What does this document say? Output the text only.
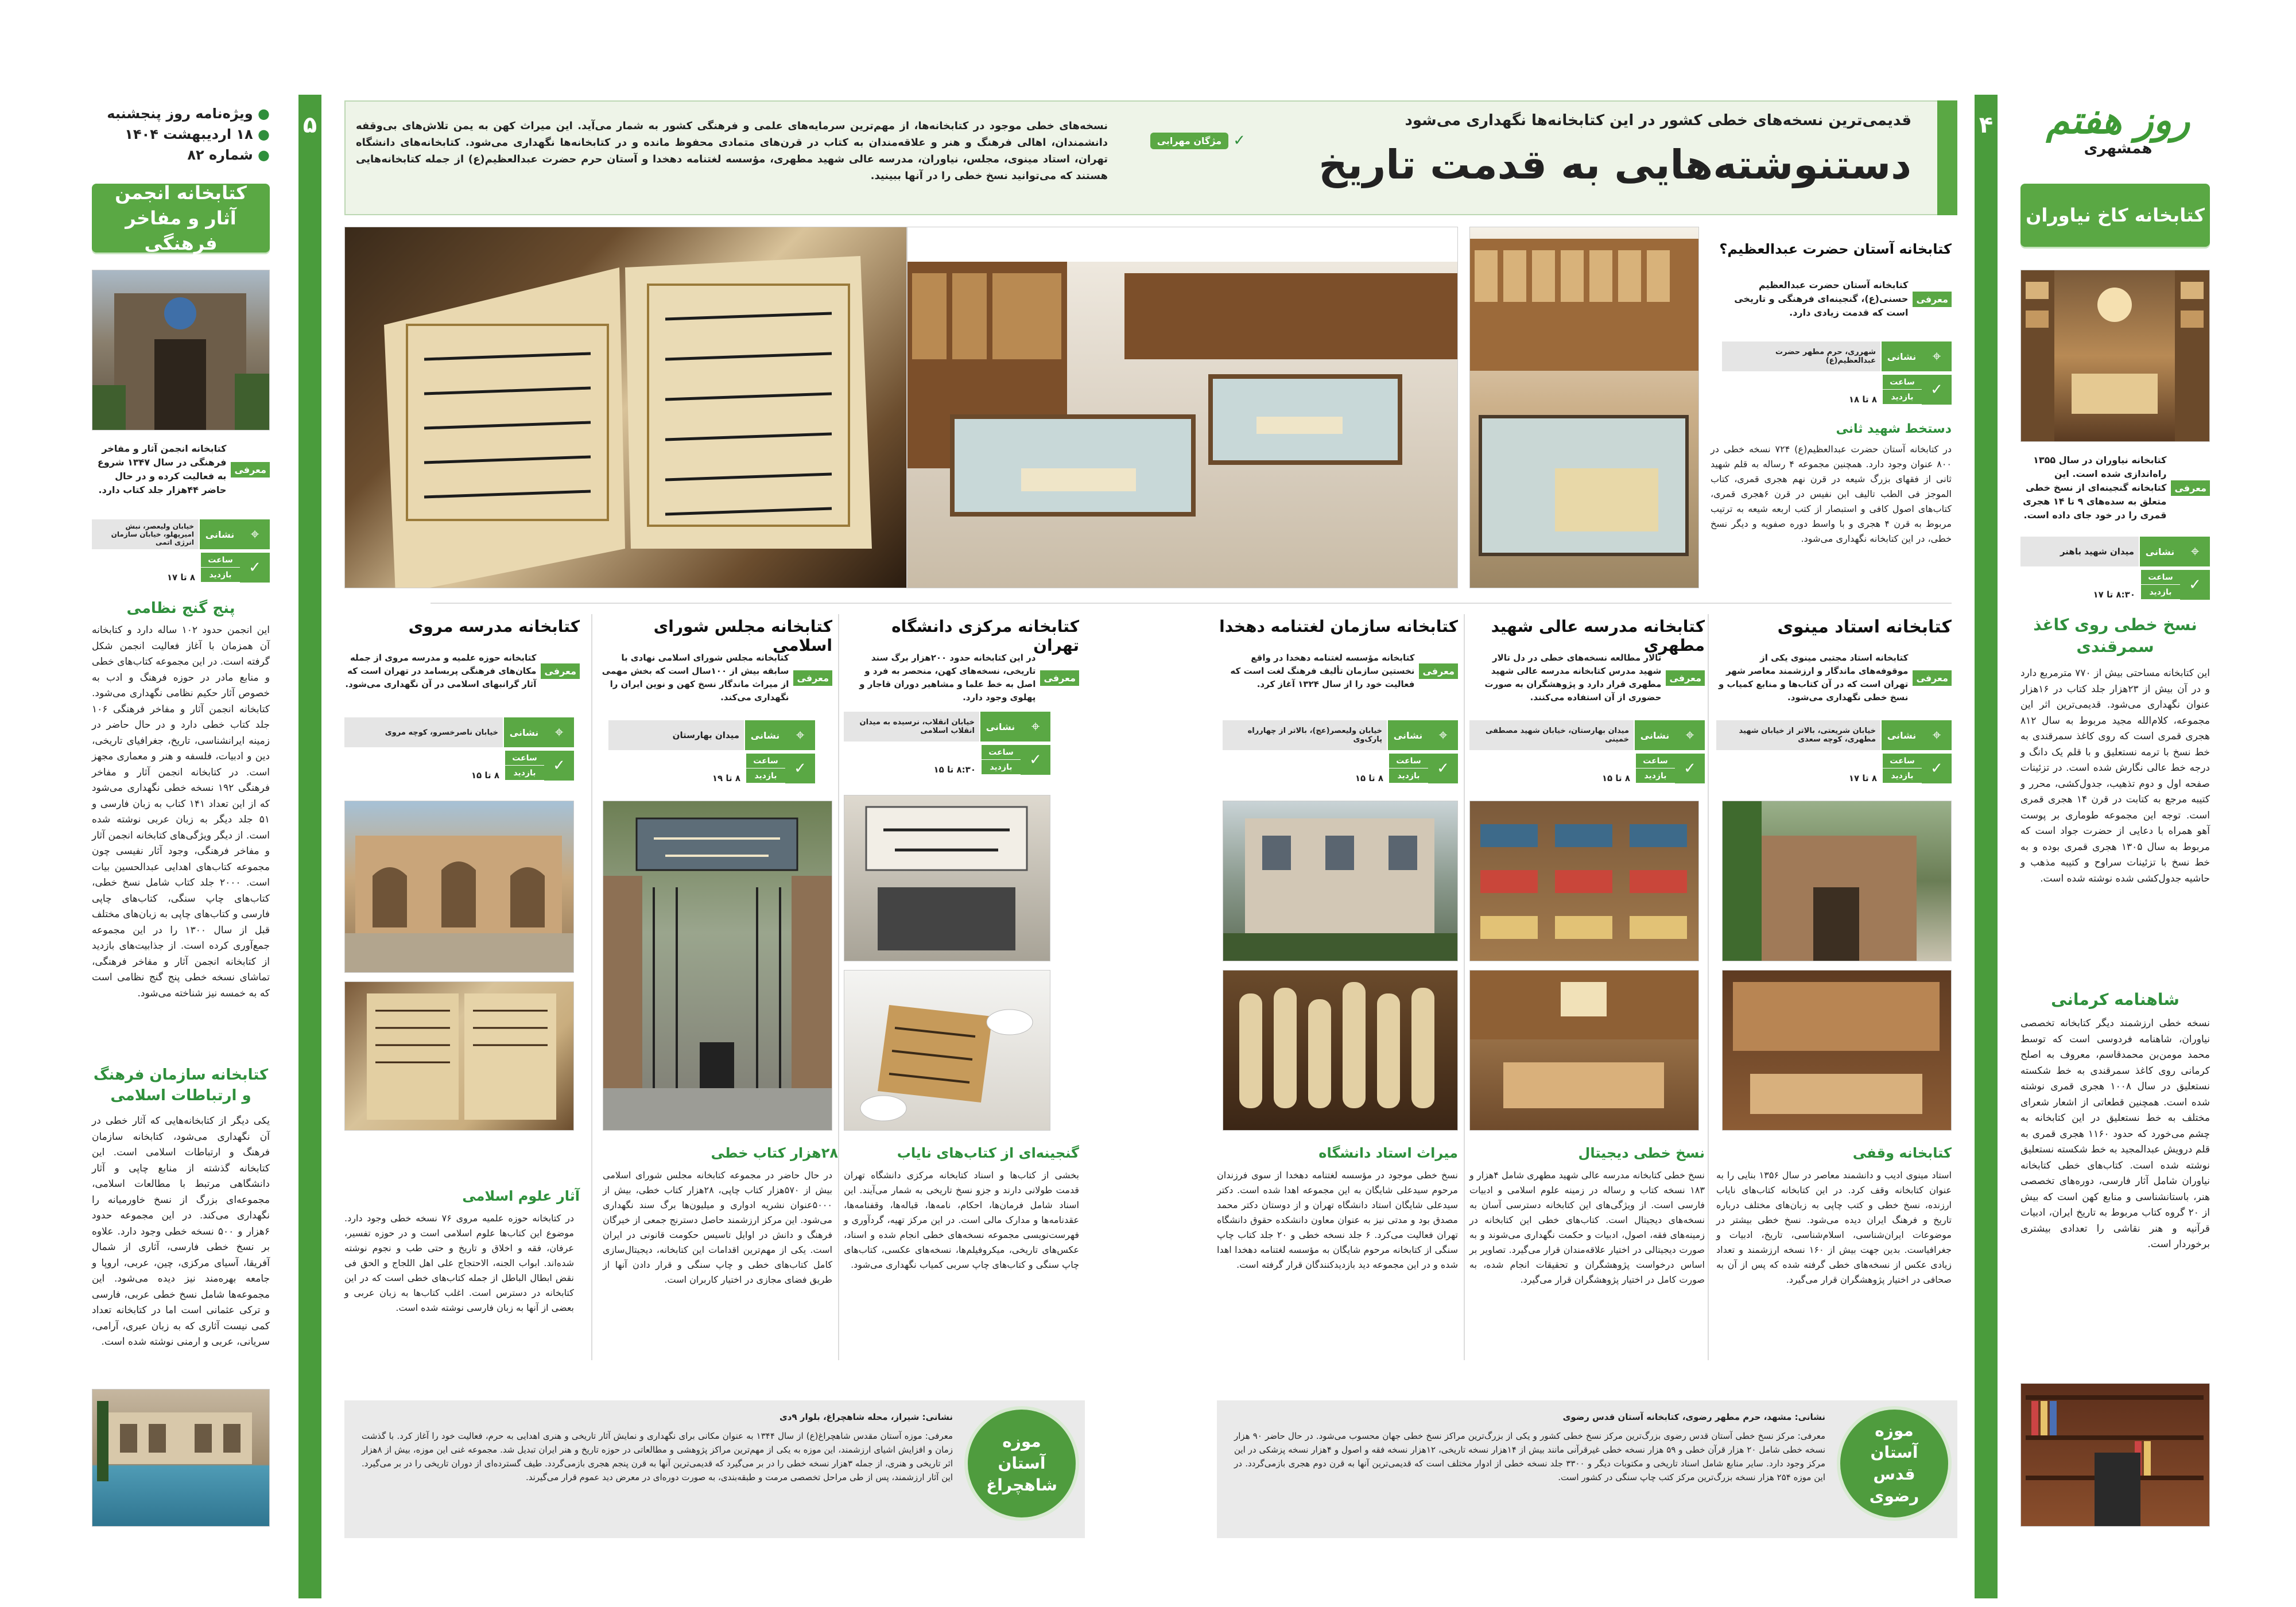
۵	۴
● ویژه‌نامه روز پنجشنبه
● ۱۸ اردیبهشت ۱۴۰۴
● شماره ۸۲
کتابخانه انجمن آثار و مفاخر فرهنگی
معرفی
کتابخانه انجمن آثار و مفاخر فرهنگی در سال ۱۳۴۷ شروع به فعالیت کرده و در حال حاضر ۴۴هزار جلد کتاب دارد.
⌖
نشانی
خیابان ولیعصر، نبش امیرپهلو، خیابان سازمان انرژی اتمی
✓
ساعت
بازدید
۸ تا ۱۷
پنج گنج نظامی
این انجمن حدود ۱۰۲ ساله دارد و کتابخانه آن همزمان با آغاز فعالیت انجمن شکل گرفته است. در این مجموعه کتاب‌های خطی و منابع مادر در حوزه فرهنگ و ادب به خصوص آثار حکیم نظامی نگهداری می‌شود. کتابخانه انجمن آثار و مفاخر فرهنگی ۱۰۶ جلد کتاب خطی دارد و در حال حاضر در زمینه ایرانشناسی، تاریخ، جغرافیای تاریخی، دین و ادبیات، فلسفه و هنر و معماری مجهز است. در کتابخانه انجمن آثار و مفاخر فرهنگی ۱۹۲ نسخه خطی نگهداری می‌شود که از این تعداد ۱۴۱ کتاب به زبان فارسی و ۵۱ جلد دیگر به زبان عربی نوشته شده است. از دیگر ویژگی‌های کتابخانه انجمن آثار و مفاخر فرهنگی، وجود آثار نفیسی چون مجموعه کتاب‌های اهدایی عبدالحسین بیات است. ۲۰۰۰ جلد کتاب شامل نسخ خطی، کتاب‌های چاپ سنگی، کتاب‌های چاپی فارسی و کتاب‌های چاپی به زبان‌های مختلف قبل از سال ۱۳۰۰ را در این مجموعه جمع‌آوری کرده است. از جذابیت‌های بازدید از کتابخانه انجمن آثار و مفاخر فرهنگی، تماشای نسخه خطی پنج گنج نظامی است که به خمسه نیز شناخته می‌شود.
کتابخانه سازمان فرهنگ و ارتباطات اسلامی
یکی دیگر از کتابخانه‌هایی که آثار خطی در آن نگهداری می‌شود، کتابخانه سازمان فرهنگ و ارتباطات اسلامی است. این کتابخانه گذشته از منابع چاپی و آثار دانشگاهی مرتبط با مطالعات اسلامی، مجموعه‌ای بزرگ از نسخ خاورمیانه را نگهداری می‌کند. در این مجموعه حدود ۶هزار و ۵۰۰ نسخه خطی وجود دارد. علاوه بر نسخ خطی فارسی، آثاری از شمال آفریقا، آسیای مرکزی، چین، عربی، اروپا و جامعه بهره‌مند نیز دیده می‌شود. این مجموعه‌ها شامل نسخ خطی عربی، فارسی و ترکی عثمانی است اما در کتابخانه تعداد کمی نیست آثاری که به زبان عبری، آرامی، سریانی، عربی و ارمنی نوشته شده است.
قدیمی‌ترین نسخه‌های خطی کشور در این کتابخانه‌ها نگهداری می‌شود
دستنوشته‌هایی به قدمت تاریخ
✓
مژگان مهرابی
نسخه‌های خطی موجود در کتابخانه‌ها، از مهم‌ترین سرمایه‌های علمی و فرهنگی کشور به شمار می‌آید. این میراث کهن به یمن تلاش‌های بی‌وقفه دانشمندان، اهالی فرهنگ و هنر و علاقه‌مندان به کتاب در قرن‌های متمادی محفوظ مانده و در کتابخانه‌ها نگهداری می‌شود. کتابخانه‌های دانشگاه تهران، استاد مینوی، مجلس، نیاوران، مدرسه عالی شهید مطهری، مؤسسه لغتنامه دهخدا و آستان حرم حضرت عبدالعظیم(ع) از جمله کتابخانه‌هایی هستند که می‌توانید نسخ خطی را در آنها ببینید.
روز هفتم
همشهری
کتابخانه کاخ نیاوران
معرفی
کتابخانه نیاوران در سال ۱۳۵۵ راه‌اندازی شده است. این کتابخانه گنجینه‌ای از نسخ خطی متعلق به سده‌های ۹ تا ۱۴ هجری قمری را در خود جای داده است.
⌖
نشانی
میدان شهید باهنر
✓
ساعت
بازدید
۸:۳۰ تا ۱۷
نسخ خطی روی کاغذ سمرقندی
این کتابخانه مساحتی بیش از ۷۷۰ مترمربع دارد و در آن بیش از ۲۳هزار جلد کتاب در ۱۶هزار عنوان نگهداری می‌شود. قدیمی‌ترین اثر این مجموعه، کلام‌الله مجید مربوط به سال ۸۱۲ هجری قمری است که روی کاغذ سمرقندی به خط نسخ با ترمه نستعلیق و با قلم یک دانگ و درجه خط عالی نگارش شده است. در تزئینات صفحه اول و دوم تذهیب، جدول‌کشی، محرر و کتیبه مرجع به کتابت در قرن ۱۴ هجری قمری است. توجه این مجموعه طوماری بر پوست آهو همراه با دعایی از حضرت جواد است که مربوط به سال ۱۳۰۵ هجری قمری بوده و به خط نسخ با تزئینات سراوح و کتیبه مذهب و حاشیه جدول‌کشی شده نوشته شده است.
شاهنامه کرمانی
نسخه خطی ارزشمند دیگر کتابخانه تخصصی نیاوران، شاهنامه فردوسی است که توسط محمد مومن‌بن محمدقاسم، معروف به اصلح کرمانی روی کاغذ سمرقندی به خط شکسته نستعلیق در سال ۱۰۰۸ هجری قمری نوشته شده است. همچنین قطعاتی از اشعار شعرای مختلف به خط نستعلیق در این کتابخانه به چشم می‌خورد که حدود ۱۱۶۰ هجری قمری به قلم درویش عبدالمجید به خط شکسته نستعلیق نوشته شده است. کتاب‌های خطی کتابخانه نیاوران شامل آثار فارسی، دوره‌های تخصصی هنر، باستانشناسی و منابع کهن است که بیش از ۲۰ گروه کتاب مربوط به تاریخ ایران، ادبیات قرآنیه و هنر نقاشی را تعدادی بیشتری برخوردار است.
کتابخانه آستان حضرت عبدالعظیم؟
معرفی
کتابخانه آستان حضرت عبدالعظیم حسنی(ع)، گنجینه‌ای فرهنگی و تاریخی است که قدمت زیادی دارد.
⌖
نشانی
شهرری، حرم مطهر حضرت عبدالعظیم(ع)
✓
ساعت
بازدید
۸ تا ۱۸
دستخط شهید ثانی
در کتابخانه آستان حضرت عبدالعظیم(ع) ۷۲۴ نسخه خطی در ۸۰۰ عنوان وجود دارد. همچنین مجموعه ۴ رساله به قلم شهید ثانی از فقهای بزرگ شیعه در قرن نهم هجری قمری، کتاب الموجز فی الطب تالیف ابن نفیس در قرن ۶هجری قمری، کتاب‌های اصول کافی و استبصار از کتب اربعه شیعه به ترتیب مربوط به قرن ۴ هجری و با واسط دوره صفویه و دیگر نسخ خطی، در این کتابخانه نگهداری می‌شود.
کتابخانه استاد مینوی
معرفی
کتابخانه استاد مجتبی مینوی یکی از موقوفه‌های ماندگار و ارزشمند معاصر شهر تهران است که در آن کتاب‌ها و منابع کمیاب و نسخ خطی نگهداری می‌شود.
⌖
نشانی
خیابان شریعتی، بالاتر از خیابان شهید مطهری، کوچه سعدی
✓
ساعت
بازدید
۸ تا ۱۷
کتابخانه وقفی
استاد مینوی ادیب و دانشمند معاصر در سال ۱۳۵۶ بنایی را به عنوان کتابخانه وقف کرد. در این کتابخانه کتاب‌های نایاب ارزنده، نسخ خطی و کتب چاپی به زبان‌های مختلف درباره تاریخ و فرهنگ ایران دیده می‌شود. نسخ خطی بیشتر در موضوعات ایران‌شناسی، اسلام‌شناسی، تاریخ، ادبیات و جغرافیاست. بدین جهت بیش از ۱۶۰ نسخه ارزشمند و تعداد زیادی عکس از نسخه‌های خطی گرفته شده که پس از آن به صحافی در اختیار پژوهشگران قرار می‌گیرد.
کتابخانه مدرسه عالی شهید مطهری
معرفی
تالار مطالعه نسخه‌های خطی در دل تالار شهید مدرس کتابخانه مدرسه عالی شهید مطهری قرار دارد و پژوهشگران به صورت حضوری از آن استفاده می‌کنند.
⌖
نشانی
میدان بهارستان، خیابان شهید مصطفی خمینی
✓
ساعت
بازدید
۸ تا ۱۵
نسخ خطی دیجیتال
نسخ خطی کتابخانه مدرسه عالی شهید مطهری شامل ۴هزار و ۱۸۳ نسخه کتاب و رساله در زمینه علوم اسلامی و ادبیات فارسی است. از ویژگی‌های این کتابخانه دسترسی آسان به نسخه‌های دیجیتال است. کتاب‌های خطی این کتابخانه در زمینه‌های فقه، اصول، ادبیات و حکمت نگهداری می‌شوند و به صورت دیجیتالی در اختیار علاقه‌مندان قرار می‌گیرد. تصاویر بر اساس درخواست پژوهشگران و تحقیقات انجام شده، به صورت کامل در اختیار پژوهشگران قرار می‌گیرد.
کتابخانه سازمان لغتنامه دهخدا
معرفی
کتابخانه مؤسسه لغتنامه دهخدا در واقع نخستین سازمان تألیف فرهنگ لغت است که فعالیت خود را از سال ۱۳۲۴ آغاز کرد.
⌖
نشانی
خیابان ولیعصر(عج)، بالاتر از چهارراه پارک‌وی
✓
ساعت
بازدید
۸ تا ۱۵
میراث استاد دانشگاه
نسخ خطی موجود در مؤسسه لغتنامه دهخدا از سوی فرزندان مرحوم سیدعلی شایگان به این مجموعه اهدا شده است. دکتر سیدعلی شایگان استاد دانشگاه تهران و از دوستان دکتر محمد مصدق بود و مدتی نیز به عنوان معاون دانشکده حقوق دانشگاه تهران فعالیت می‌کرد. ۶ جلد نسخه خطی و ۲۰ جلد کتاب چاپ سنگی از کتابخانه مرحوم شایگان به مؤسسه لغتنامه دهخدا اهدا شده و در این مجموعه دید بازدیدکنندگان قرار گرفته است.
کتابخانه مرکزی دانشگاه تهران
معرفی
در این کتابخانه حدود ۲۰۰هزار برگ سند تاریخی، نسخه‌های کهن، منحصر به فرد و اصل به خط علما و مشاهیر دوران قاجار و پهلوی وجود دارد.
⌖
نشانی
خیابان انقلاب، نرسیده به میدان انقلاب اسلامی
✓
ساعت
بازدید
۸:۳۰ تا ۱۵
گنجینه‌ای از کتاب‌های نایاب
بخشی از کتاب‌ها و اسناد کتابخانه مرکزی دانشگاه تهران قدمت طولانی دارند و جزو نسخ تاریخی به شمار می‌آیند. این اسناد شامل فرمان‌ها، احکام، نامه‌ها، قباله‌ها، وقفنامه‌ها، عقدنامه‌ها و مدارک مالی است. در این مرکز تهیه، گردآوری و فهرست‌نویسی مجموعه نسخه‌های خطی انجام شده و اسناد، عکس‌های تاریخی، میکروفیلم‌ها، نسخه‌های عکسی، کتاب‌های چاپ سنگی و کتاب‌های چاپ سربی کمیاب نگهداری می‌شود.
کتابخانه مجلس شورای اسلامی
معرفی
کتابخانه مجلس شورای اسلامی نهادی با سابقه بیش از ۱۰۰سال است که بخش مهمی از میراث ماندگار نسخ کهن و نوین ایران را نگهداری می‌کند.
⌖
نشانی
میدان بهارستان
✓
ساعت
بازدید
۸ تا ۱۹
۲۸هزار کتاب خطی
در حال حاضر در مجموعه کتابخانه مجلس شورای اسلامی بیش از ۵۷۰هزار کتاب چاپی، ۲۸هزار کتاب خطی، بیش از ۵۰۰۰عنوان نشریه ادواری و میلیون‌ها برگ سند نگهداری می‌شود. این مرکز ارزشمند حاصل دسترنج جمعی از خیرگان فرهنگ و دانش در اوایل تاسیس حکومت قانونی در ایران است. یکی از مهم‌ترین اقدامات این کتابخانه، دیجیتال‌سازی کامل کتاب‌های خطی و چاپ سنگی و قرار دادن آنها از طریق فضای مجازی در اختیار کاربران است.
کتابخانه مدرسه مروی
معرفی
کتابخانه حوزه علمیه و مدرسه مروی از جمله مکان‌های فرهنگی پربسامد در تهران است که آثار گرانبهای اسلامی در آن نگهداری می‌شود.
⌖
نشانی
خیابان ناصرخسرو، کوچه مروی
✓
ساعت
بازدید
۸ تا ۱۵
آثار علوم اسلامی
در کتابخانه حوزه علمیه مروی ۷۶ نسخه خطی وجود دارد. موضوع این کتاب‌ها علوم اسلامی است و در حوزه تفسیر، عرفان، فقه و اخلاق و تاریخ و حتی طب و نجوم نوشته شده‌اند. ابواب الجنه، الاحتجاج علی اهل اللجاج و الحق فی نقض ابطال الباطل از جمله کتاب‌های خطی است که در این کتابخانه در دسترس است. اغلب کتاب‌ها به زبان عربی و بعضی از آنها به زبان فارسی نوشته شده است.
موزه آستان قدس رضوی
نشانی: مشهد، حرم مطهر رضوی، کتابخانه آستان قدس رضوی
معرفی: مرکز نسخ خطی آستان قدس رضوی بزرگ‌ترین مرکز نسخ خطی کشور و یکی از بزرگ‌ترین مراکز نسخ خطی جهان محسوب می‌شود. در حال حاضر ۹۰ هزار نسخه خطی شامل ۲۰ هزار قرآن خطی و ۵۹ هزار نسخه خطی غیرقرآنی مانند بیش از ۱۴هزار نسخه تاریخی، ۱۲هزار نسخه فقه و اصول و ۴هزار نسخه پزشکی در این مرکز وجود دارد. سایر منابع شامل اسناد تاریخی و مکتوبات دیگر و ۳۳۰۰ جلد نسخه خطی از ادوار مختلف است که قدیمی‌ترین آنها به قرن دوم هجری بازمی‌گردد. در این موزه ۲۵۴ هزار نسخه بزرگ‌ترین مرکز کتب چاپ سنگی در کشور است.
موزه آستان شاهچراغ
نشانی: شیراز، محله شاهچراغ، بلوار ۹دی
معرفی: موزه آستان مقدس شاهچراغ(ع) از سال ۱۳۴۴ به عنوان مکانی برای نگهداری و نمایش آثار تاریخی و هنری اهدایی به حرم، فعالیت خود را آغاز کرد. با گذشت زمان و افزایش اشیای ارزشمند، این موزه به یکی از مهم‌ترین مراکز پژوهشی و مطالعاتی در حوزه تاریخ و هنر ایران تبدیل شد. مجموعه غنی این موزه، بیش از ۸هزار اثر تاریخی و هنری، از جمله ۳هزار نسخه خطی را در بر می‌گیرد که قدیمی‌ترین آنها به قرن پنجم هجری بازمی‌گردد. طیف گسترده‌ای از دوران تاریخی را در بر می‌گیرد. این آثار ارزشمند، پس از طی مراحل تخصصی مرمت و طبقه‌بندی، به صورت دوره‌ای در معرض دید عموم قرار می‌گیرند.
